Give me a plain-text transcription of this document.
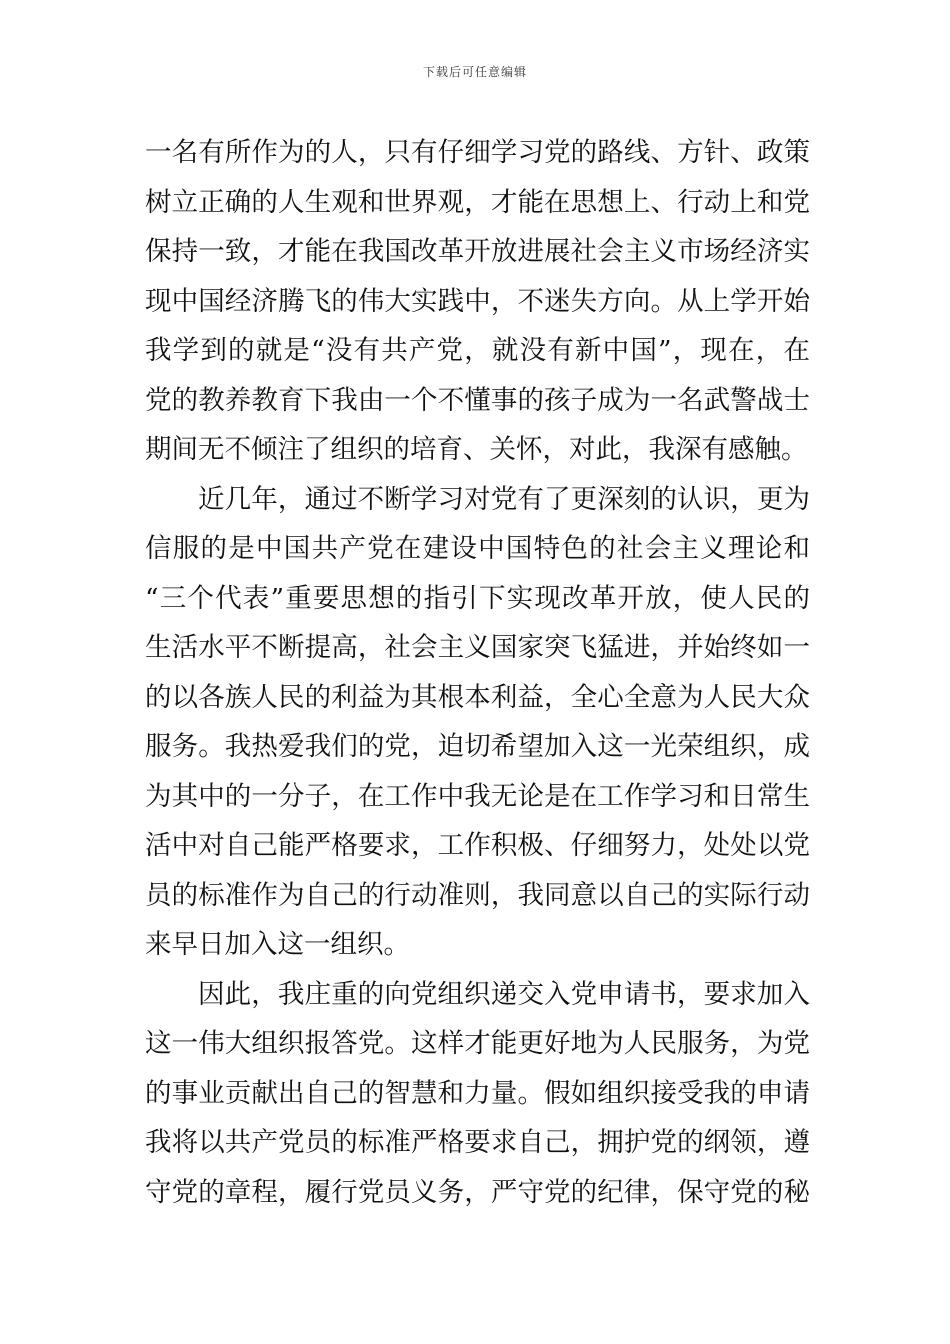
下载后可任意编辑
一名有所作为的人，只有仔细学习党的路线、方针、政策
树立正确的人生观和世界观，才能在思想上、行动上和党
保持一致，才能在我国改革开放进展社会主义市场经济实
现中国经济腾飞的伟大实践中，不迷失方向。从上学开始
我学到的就是“没有共产党，就没有新中国”，现在，在
党的教养教育下我由一个不懂事的孩子成为一名武警战士
期间无不倾注了组织的培育、关怀，对此，我深有感触。
近几年，通过不断学习对党有了更深刻的认识，更为
信服的是中国共产党在建设中国特色的社会主义理论和
“三个代表”重要思想的指引下实现改革开放，使人民的
生活水平不断提高，社会主义国家突飞猛进，并始终如一
的以各族人民的利益为其根本利益，全心全意为人民大众
服务。我热爱我们的党，迫切希望加入这一光荣组织，成
为其中的一分子，在工作中我无论是在工作学习和日常生
活中对自己能严格要求，工作积极、仔细努力，处处以党
员的标准作为自己的行动准则，我同意以自己的实际行动
来早日加入这一组织。
因此，我庄重的向党组织递交入党申请书，要求加入
这一伟大组织报答党。这样才能更好地为人民服务，为党
的事业贡献出自己的智慧和力量。假如组织接受我的申请
我将以共产党员的标准严格要求自己，拥护党的纲领，遵
守党的章程，履行党员义务，严守党的纪律，保守党的秘
